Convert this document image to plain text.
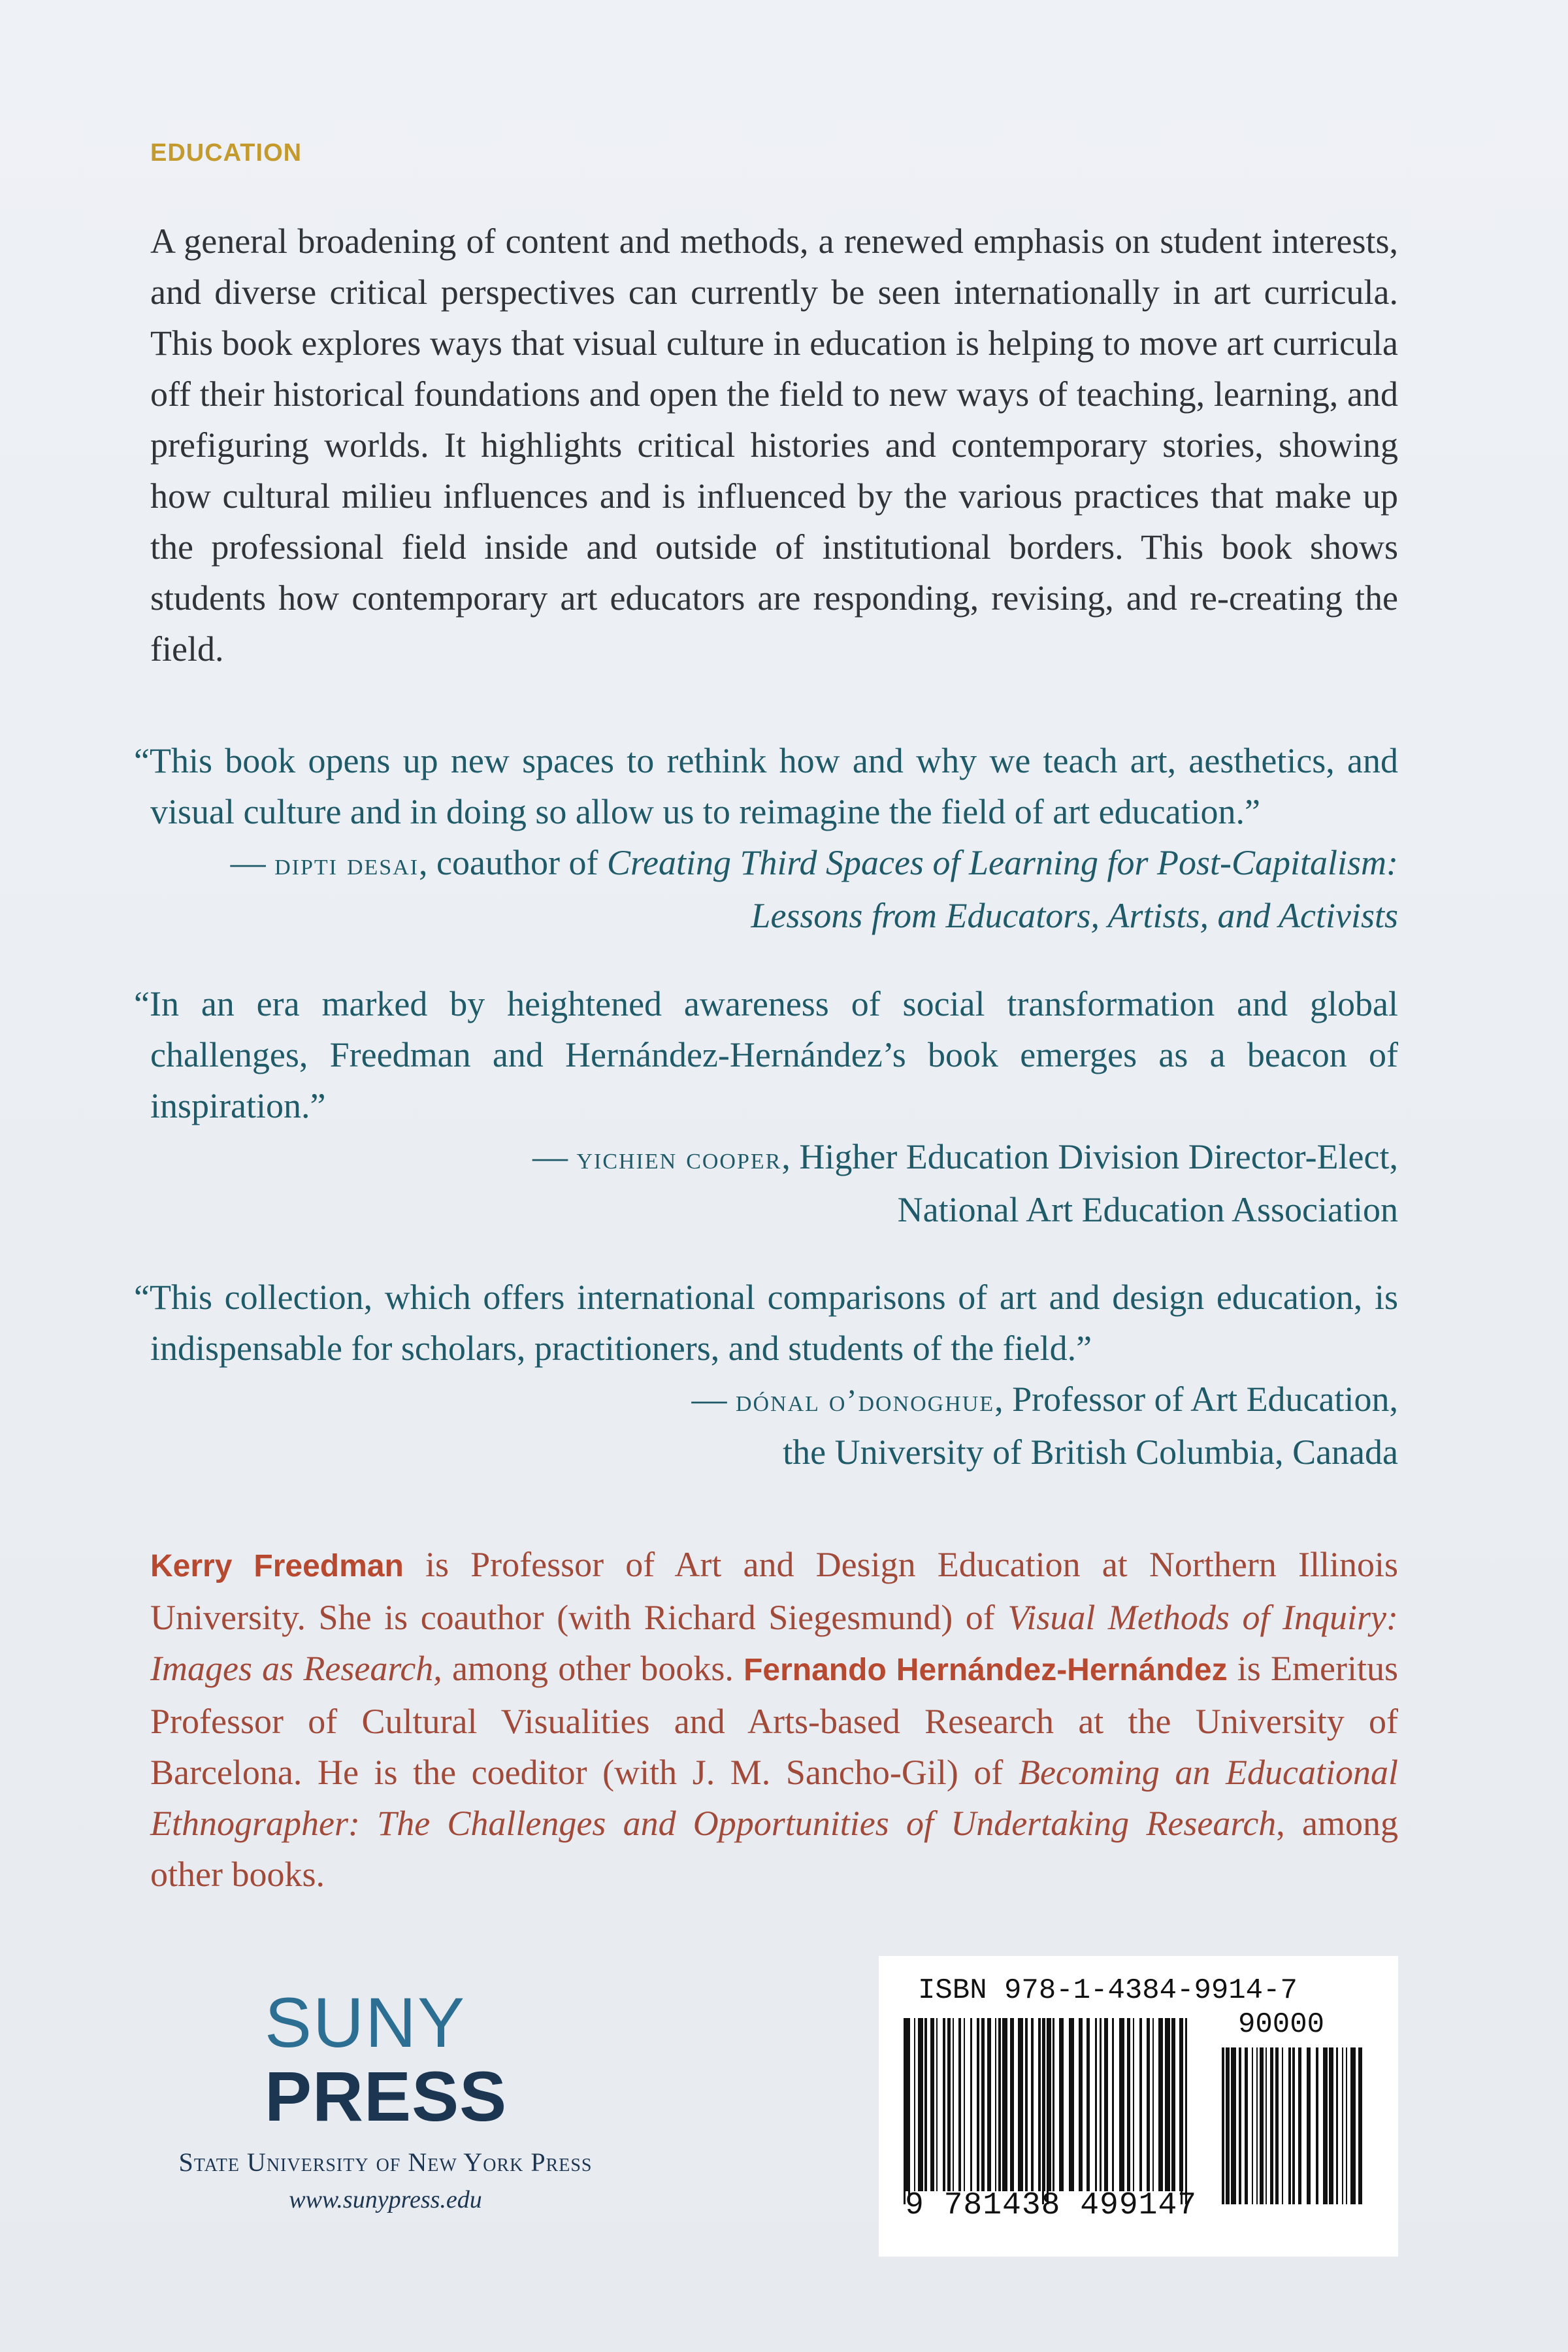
EDUCATION
A general broadening of content and methods, a renewed emphasis on student interests, and diverse critical perspectives can currently be seen internationally in art curricula. This book explores ways that visual culture in education is helping to move art curricula off their historical foundations and open the field to new ways of teaching, learning, and prefiguring worlds. It highlights critical histories and contemporary stories, showing how cultural milieu influences and is influenced by the various practices that make up the professional field inside and outside of institutional borders. This book shows students how contemporary art educators are responding, revising, and re-creating the field.
“This book opens up new spaces to rethink how and why we teach art, aesthetics, and visual culture and in doing so allow us to reimagine the field of art education.”
— dipti desai, coauthor of Creating Third Spaces of Learning for Post-Capitalism: Lessons from Educators, Artists, and Activists
“In an era marked by heightened awareness of social transformation and global challenges, Freedman and Hernández-Hernández’s book emerges as a beacon of inspiration.”
— yichien cooper, Higher Education Division Director-Elect,
National Art Education Association
“This collection, which offers international comparisons of art and design education, is indispensable for scholars, practitioners, and students of the field.”
— dónal o’donoghue, Professor of Art Education,
the University of British Columbia, Canada
Kerry Freedman is Professor of Art and Design Education at Northern Illinois University. She is coauthor (with Richard Siegesmund) of Visual Methods of Inquiry: Images as Research, among other books. Fernando Hernández-Hernández is Emeritus Professor of Cultural Visualities and Arts-based Research at the University of Barcelona. He is the coeditor (with J. M. Sancho-Gil) of Becoming an Educational Ethnographer: The Challenges and Opportunities of Undertaking Research, among other books.
SUNY
PRESS
State University of New York Press
www.sunypress.edu
ISBN 978-1-4384-9914-7
90000
9 781438 499147
